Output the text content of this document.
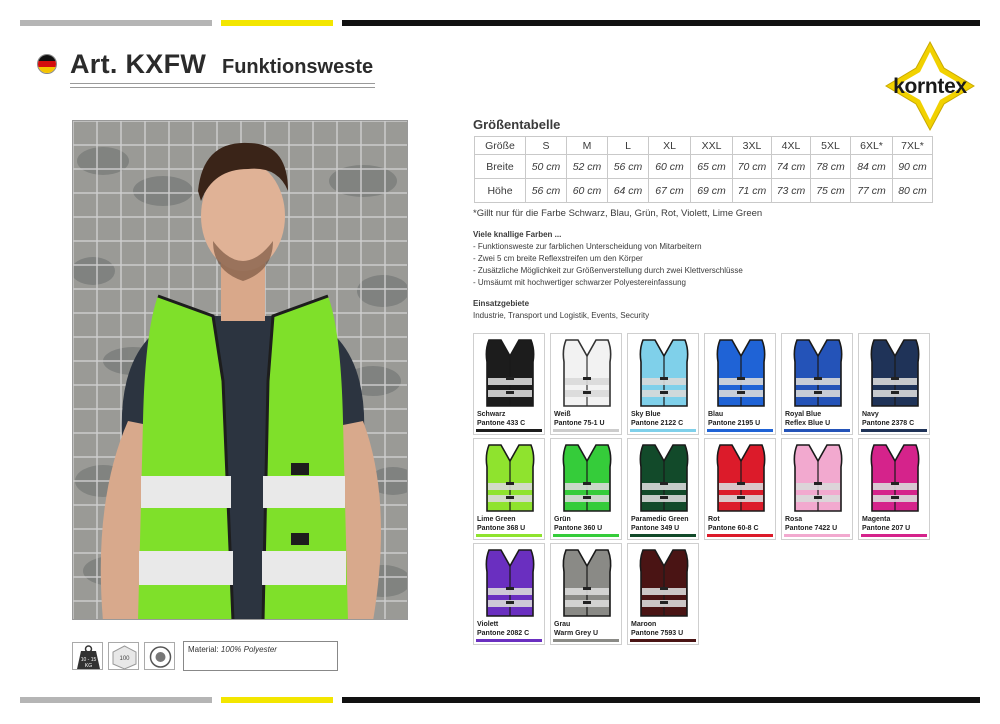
Art. KXFW Funktionsweste
korntex
Größentabelle
Größe	S	M	L	XL	XXL	3XL	4XL	5XL	6XL*	7XL*
Breite	50 cm	52 cm	56 cm	60 cm	65 cm	70 cm	74 cm	78 cm	84 cm	90 cm
Höhe	56 cm	60 cm	64 cm	67 cm	69 cm	71 cm	73 cm	75 cm	77 cm	80 cm
*Gillt nur für die Farbe Schwarz, Blau, Grün, Rot, Violett, Lime Green
Viele knallige Farben ...
- Funktionsweste zur farblichen Unterscheidung von Mitarbeitern
- Zwei 5 cm breite Reflexstreifen um den Körper
- Zusätzliche Möglichkeit zur Größenverstellung durch zwei Klettverschlüsse
- Umsäumt mit hochwertiger schwarzer Polyestereinfassung
Einsatzgebiete
Industrie, Transport und Logistik, Events, Security
Schwarz
Pantone 433 C
Weiß
Pantone 75-1 U
Sky Blue
Pantone 2122 C
Blau
Pantone 2195 U
Royal Blue
Reflex Blue U
Navy
Pantone 2378 C
Lime Green
Pantone 368 U
Grün
Pantone 360 U
Paramedic Green
Pantone 349 U
Rot
Pantone 60-8 C
Rosa
Pantone 7422 U
Magenta
Pantone 207 U
Violett
Pantone 2082 C
Grau
Warm Grey U
Maroon
Pantone 7593 U
10 - 15
KG
100
Material: 100% Polyester
